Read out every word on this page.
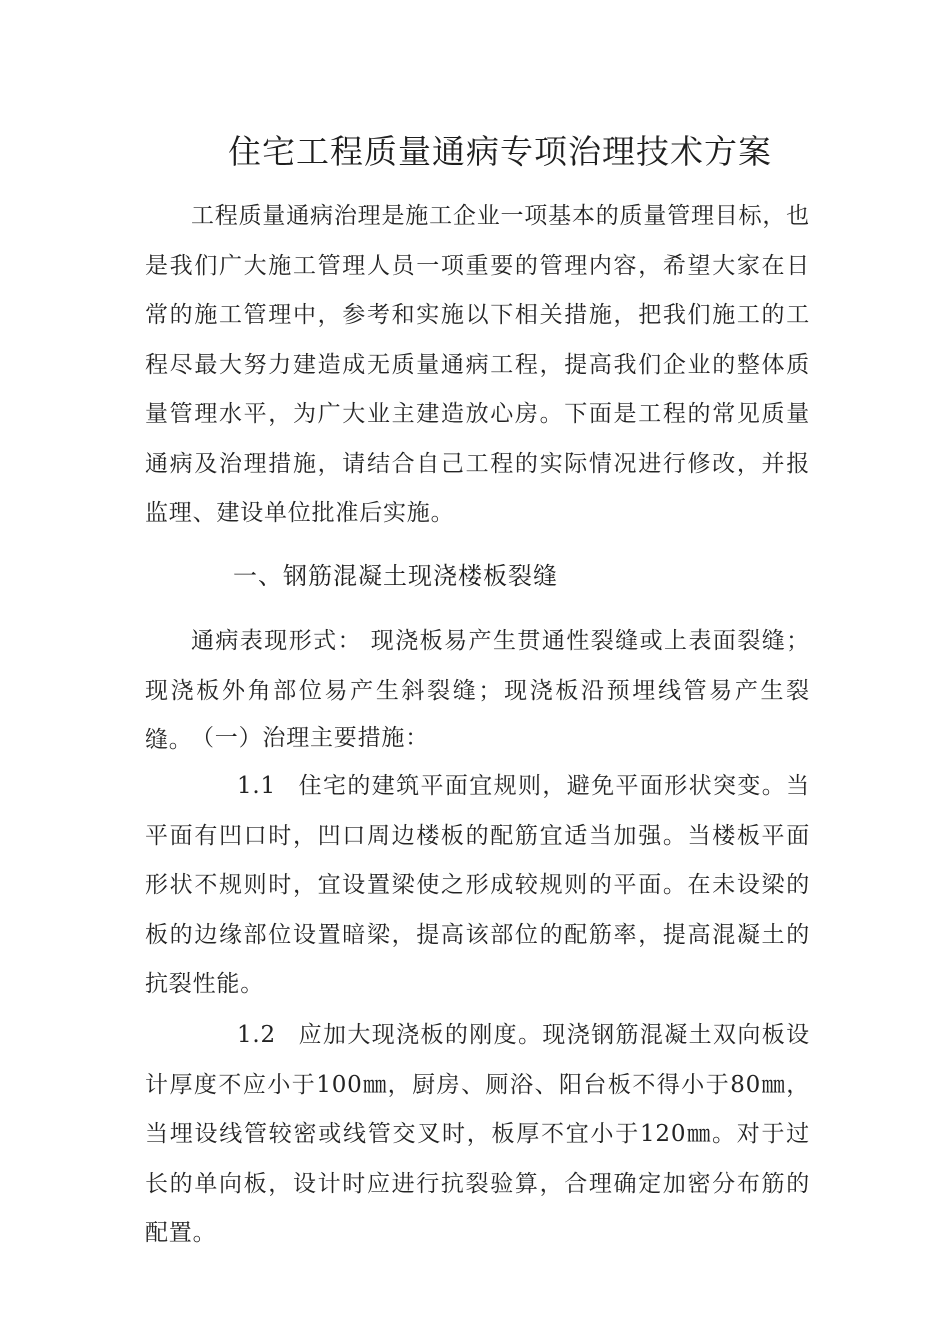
住宅工程质量通病专项治理技术方案
工程质量通病治理是施工企业一项基本的质量管理目标，也是我们广大施工管理人员一项重要的管理内容，希望大家在日常的施工管理中，参考和实施以下相关措施，把我们施工的工程尽最大努力建造成无质量通病工程，提高我们企业的整体质量管理水平，为广大业主建造放心房。下面是工程的常见质量通病及治理措施，请结合自己工程的实际情况进行修改，并报监理、建设单位批准后实施。
一、钢筋混凝土现浇楼板裂缝
通病表现形式： 现浇板易产生贯通性裂缝或上表面裂缝；现浇板外角部位易产生斜裂缝；现浇板沿预埋线管易产生裂缝。
（一）治理主要措施：
1.1 住宅的建筑平面宜规则，避免平面形状突变。当平面有凹口时，凹口周边楼板的配筋宜适当加强。当楼板平面形状不规则时，宜设置梁使之形成较规则的平面。在未设梁的板的边缘部位设置暗梁，提高该部位的配筋率，提高混凝土的抗裂性能。
1.2 应加大现浇板的刚度。现浇钢筋混凝土双向板设计厚度不应小于100㎜，厨房、厕浴、阳台板不得小于80㎜，当埋设线管较密或线管交叉时，板厚不宜小于120㎜。对于过长的单向板，设计时应进行抗裂验算，合理确定加密分布筋的配置。
